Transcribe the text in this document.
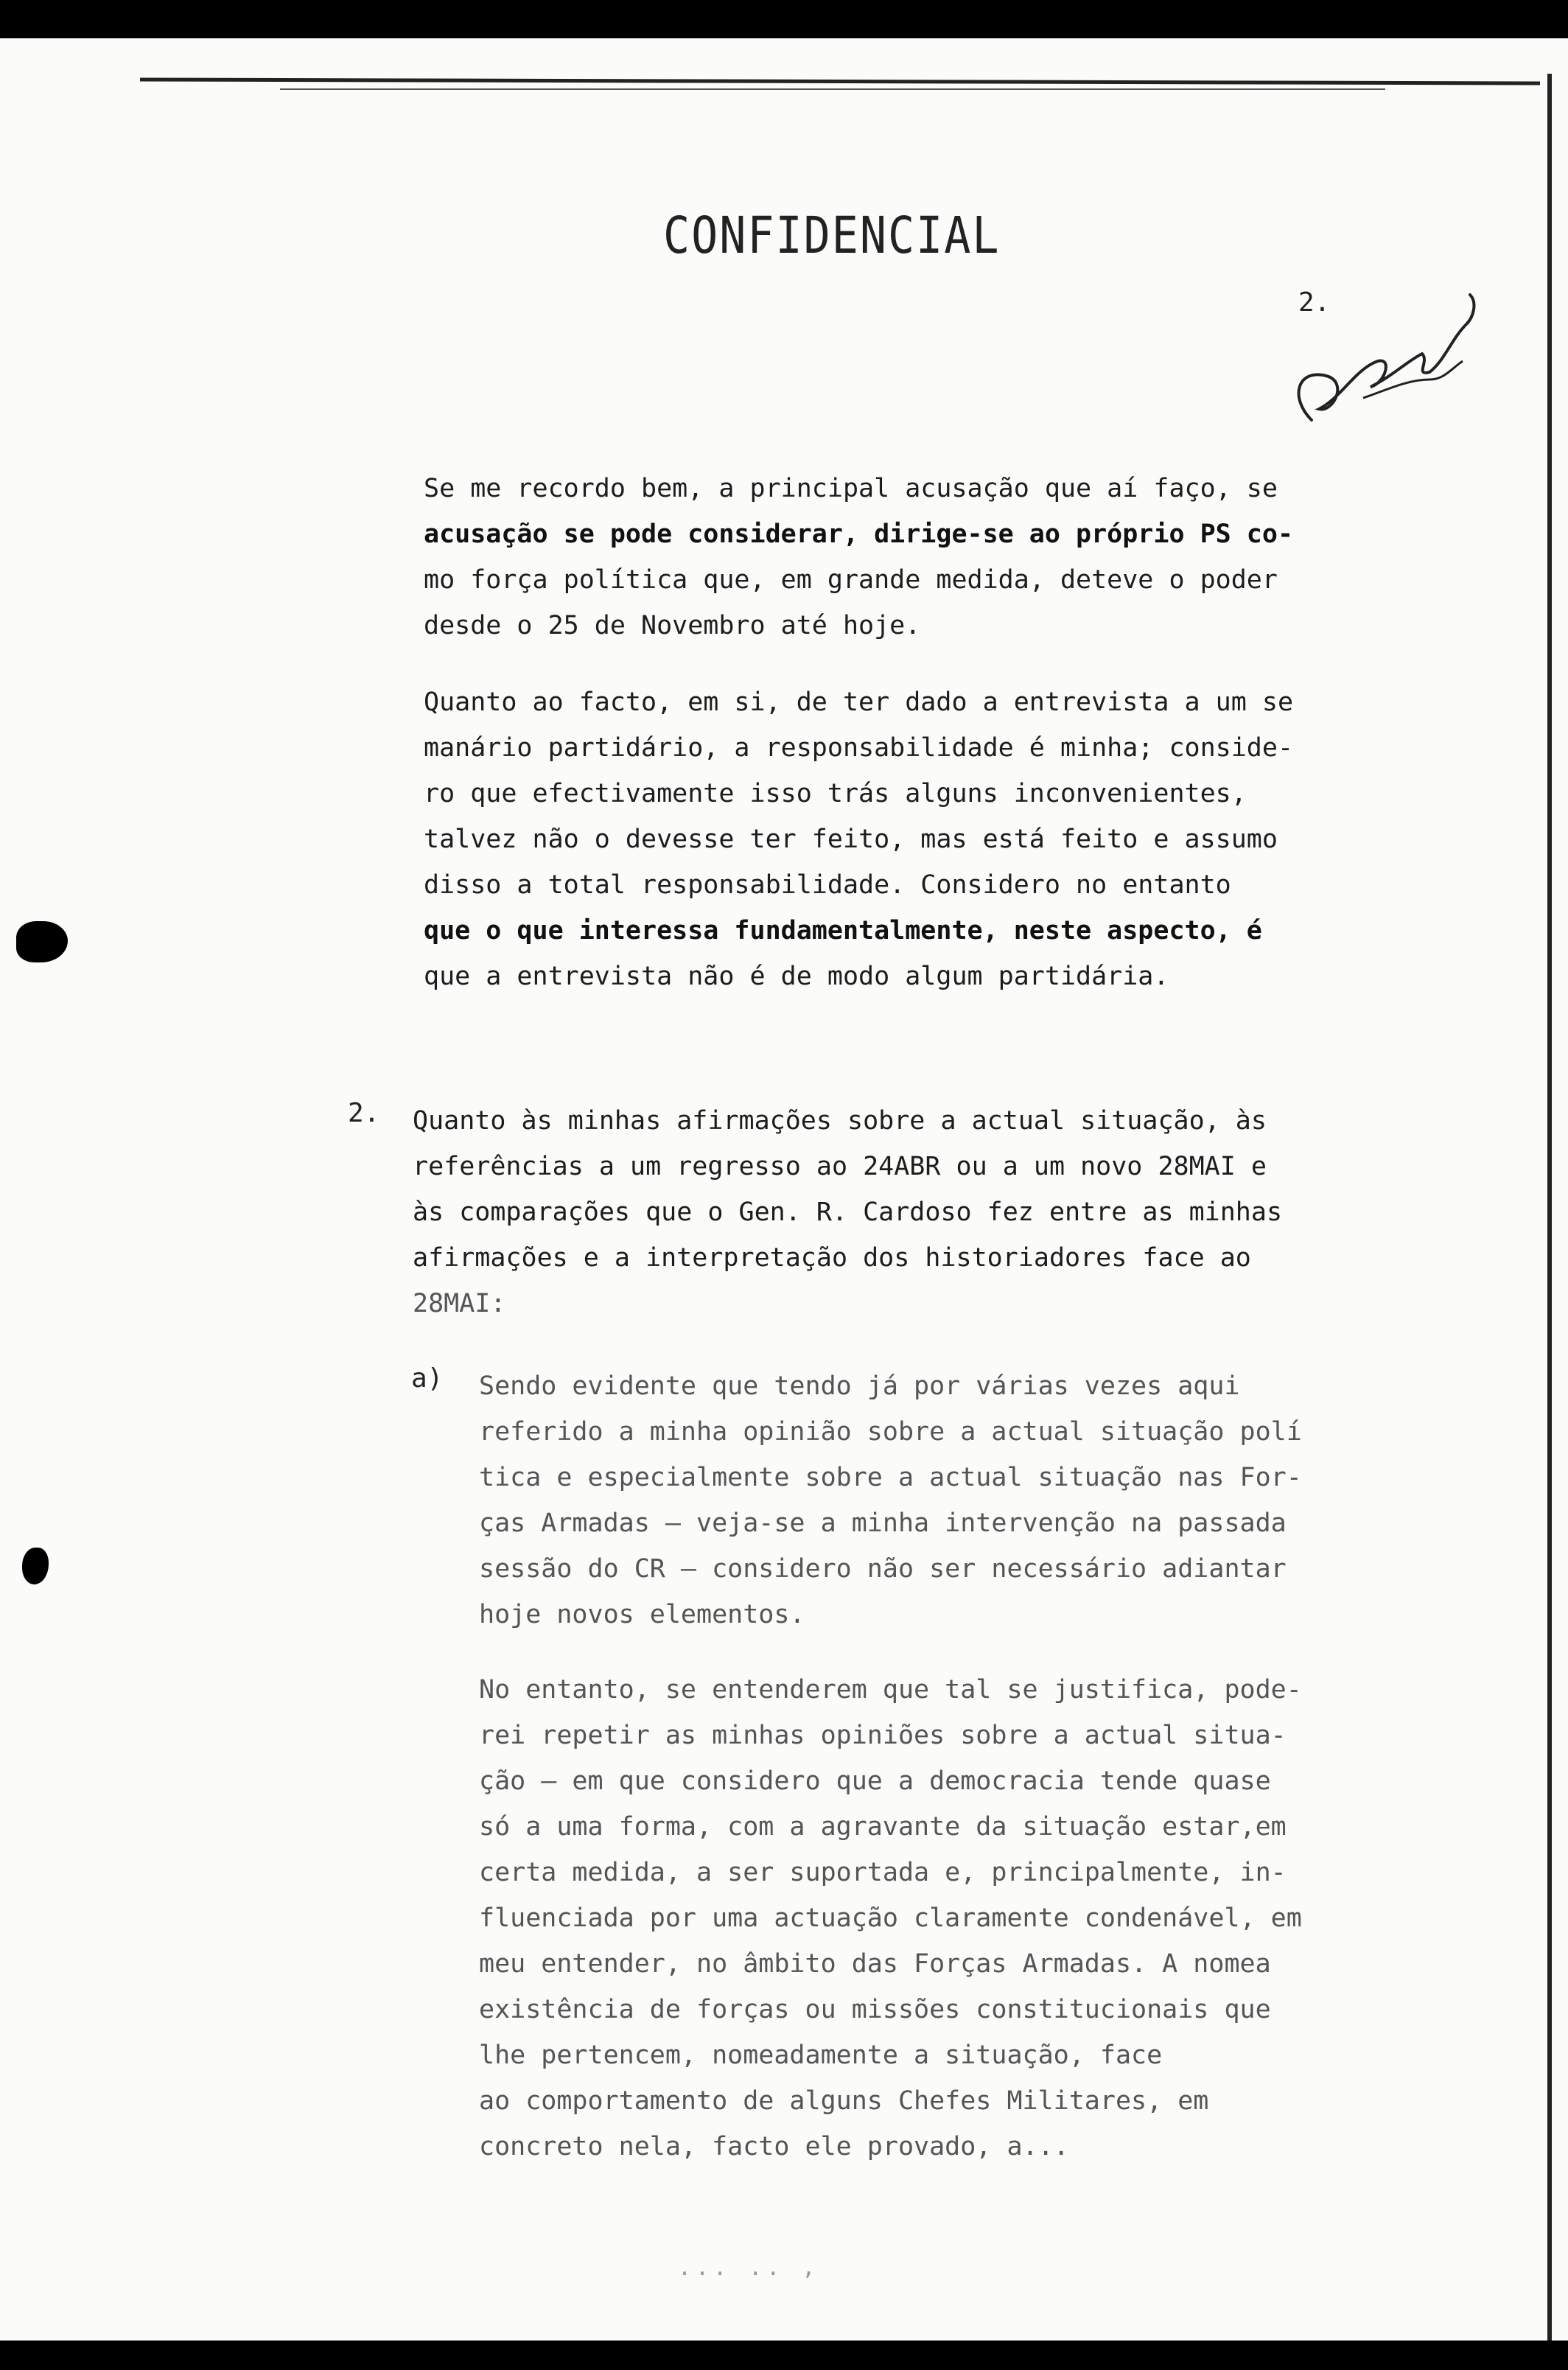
CONFIDENCIAL
2.
Se me recordo bem, a principal acusação que aí faço, se
acusação se pode considerar, dirige-se ao próprio PS co-
mo força política que, em grande medida, deteve o poder
desde o 25 de Novembro até hoje.
Quanto ao facto, em si, de ter dado a entrevista a um se
manário partidário, a responsabilidade é minha; conside-
ro que efectivamente isso trás alguns inconvenientes,
talvez não o devesse ter feito, mas está feito e assumo
disso a total responsabilidade. Considero no entanto
que o que interessa fundamentalmente, neste aspecto, é
que a entrevista não é de modo algum partidária.
2. Quanto às minhas afirmações sobre a actual situação, às
referências a um regresso ao 24ABR ou a um novo 28MAI e
às comparações que o Gen. R. Cardoso fez entre as minhas
afirmações e a interpretação dos historiadores face ao
28MAI:
a) Sendo evidente que tendo já por várias vezes aqui
referido a minha opinião sobre a actual situação polí
tica e especialmente sobre a actual situação nas For-
ças Armadas — veja-se a minha intervenção na passada
sessão do CR — considero não ser necessário adiantar
hoje novos elementos.
No entanto, se entenderem que tal se justifica, pode-
rei repetir as minhas opiniões sobre a actual situa-
ção — em que considero que a democracia tende quase
só a uma forma, com a agravante da situação estar,em
certa medida, a ser suportada e, principalmente, in-
fluenciada por uma actuação claramente condenável, em
meu entender, no âmbito das Forças Armadas. A nomea
existência de forças ou missões constitucionais que
lhe pertencem, nomeadamente a situação, face
ao comportamento de alguns Chefes Militares, em
concreto nela, facto ele provado, a...
... .. ,
